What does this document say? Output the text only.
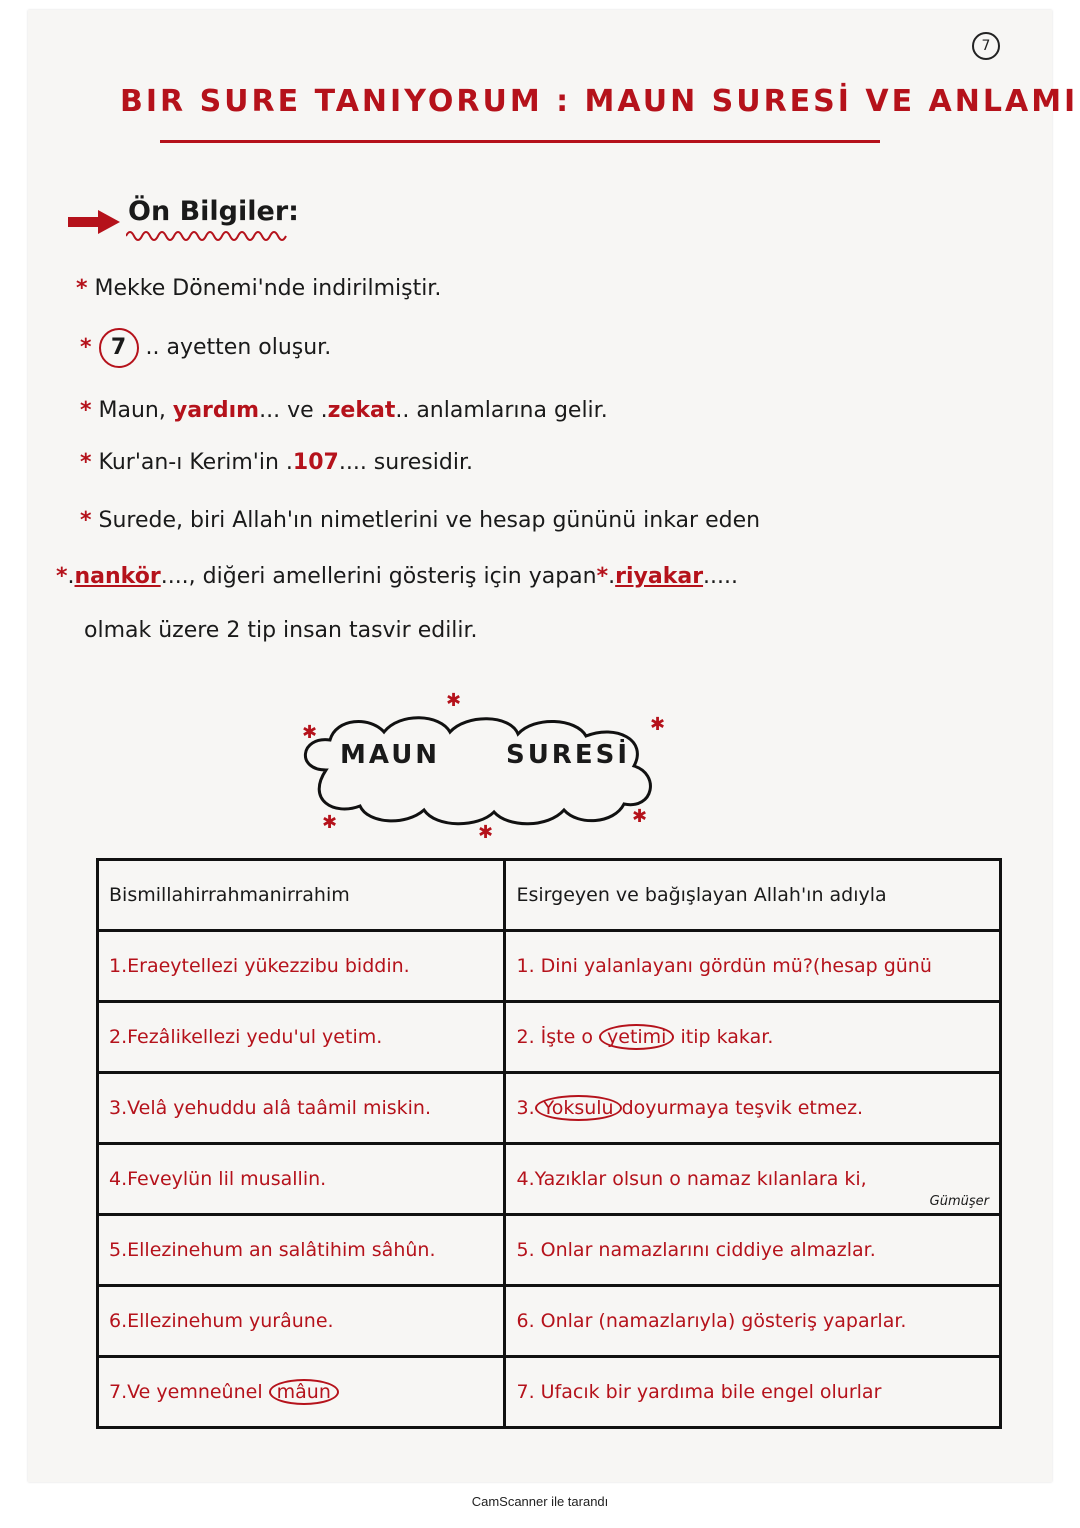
7
BIR SURE TANIYORUM : MAUN SURESİ VE ANLAMI
Ön Bilgiler:
* Mekke Dönemi'nde indirilmiştir.
* 7 .. ayetten oluşur.
* Maun, yardım... ve .zekat.. anlamlarına gelir.
* Kur'an-ı Kerim'in .107.... suresidir.
* Surede, biri Allah'ın nimetlerini ve hesap gününü inkar eden
*.nankör...., diğeri amellerini gösteriş için yapan*.riyakar.....
olmak üzere 2 tip insan tasvir edilir.
MAUN	SURESİ
✱
✱	✱
✱	✱
✱
Bismillahirrahmanirrahim	Esirgeyen ve bağışlayan Allah'ın adıyla
1.Eraeytellezi yükezzibu biddin.	1. Dini yalanlayanı gördün mü?(hesap günü
2.Fezâlikellezi yedu'ul yetim.	2. İşte o yetimi itip kakar.
3.Velâ yehuddu alâ taâmil miskin.	3. Yoksulu doyurmaya teşvik etmez.
4.Feveylün lil musallin.	4.Yazıklar olsun o namaz kılanlara ki,
Gümüşer

5.Ellezinehum an salâtihim sâhûn.	5. Onlar namazlarını ciddiye almazlar.
6.Ellezinehum yurâune.	6. Onlar (namazlarıyla) gösteriş yaparlar.
7.Ve yemneûnel mâun	7. Ufacık bir yardıma bile engel olurlar
CamScanner ile tarandı
